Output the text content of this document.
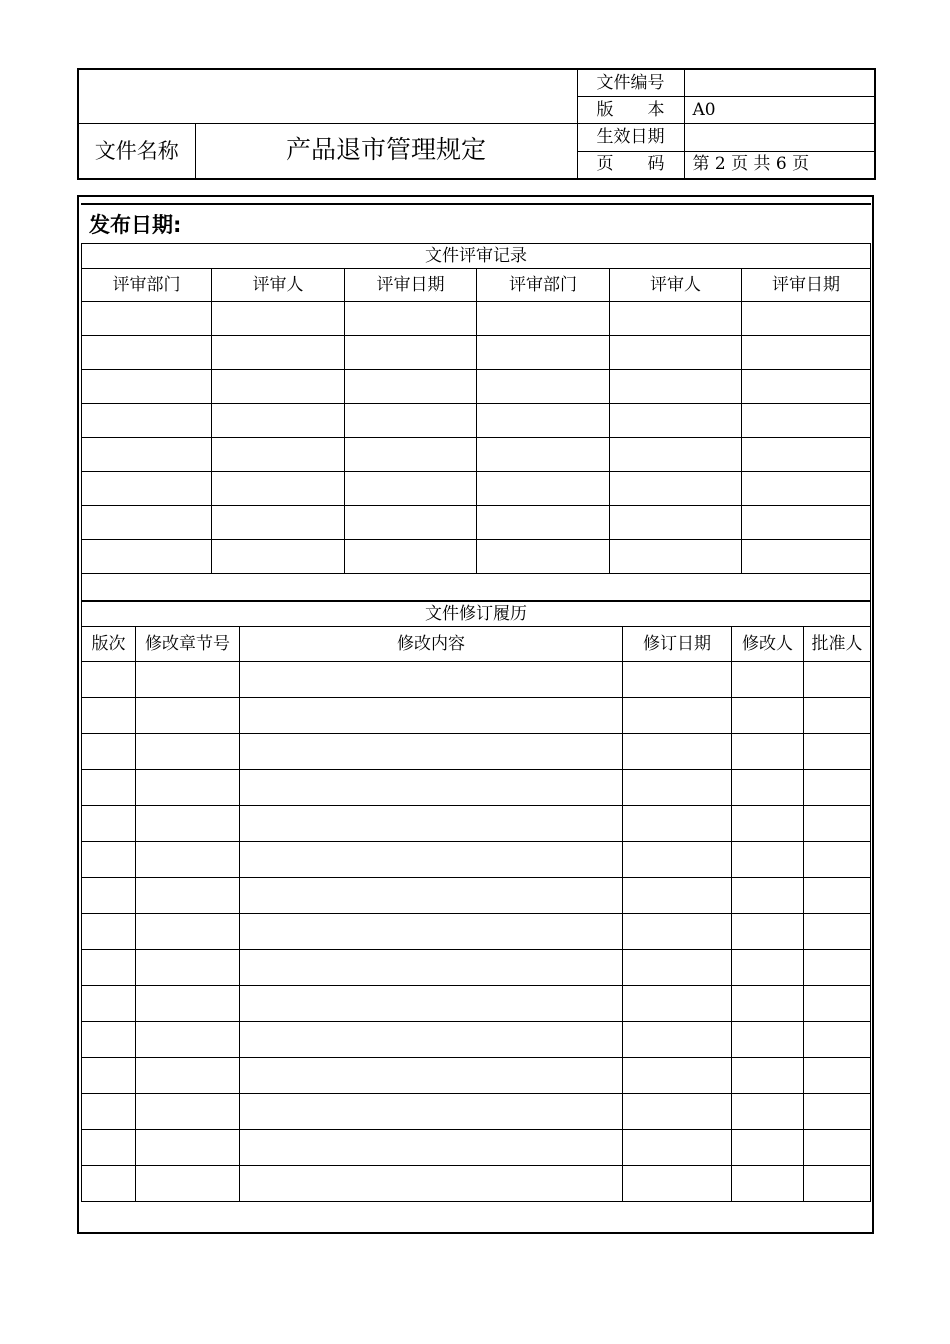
		文件编号	
		版　　本	A0
文件名称	产品退市管理规定	生效日期	
		页　　码	第 2 页 共 6 页
发布日期:
文件评审记录					
评审部门	评审人	评审日期	评审部门	评审人	评审日期

文件修订履历					
版次	修改章节号	修改内容	修订日期	修改人	批准人
